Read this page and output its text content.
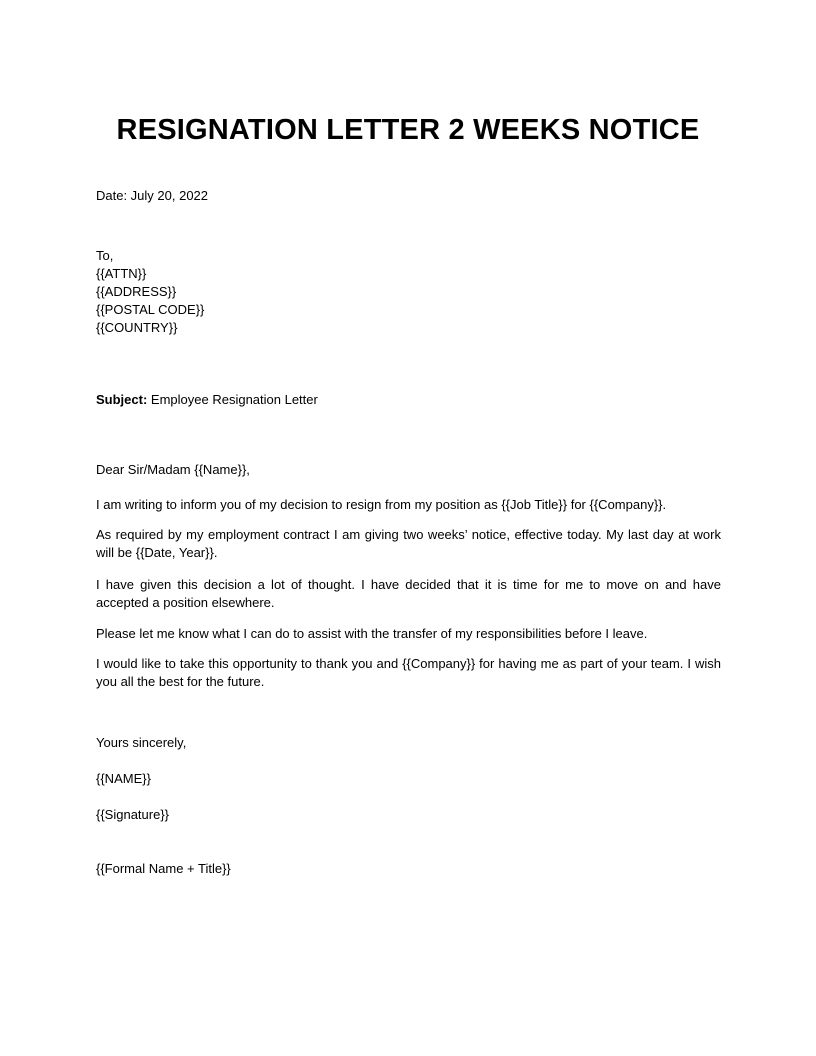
RESIGNATION LETTER 2 WEEKS NOTICE

Date: July 20, 2022

To,

{{ATTN}}

{{ADDRESS}}

{{POSTAL CODE}}

{{COUNTRY}}

Subject: Employee Resignation Letter

Dear Sir/Madam {{Name}},

I am writing to inform you of my decision to resign from my position as {{Job Title}} for {{Company}}.

As required by my employment contract I am giving two weeks’ notice, effective today. My last day at work will be {{Date, Year}}.

I have given this decision a lot of thought. I have decided that it is time for me to move on and have accepted a position elsewhere.

Please let me know what I can do to assist with the transfer of my responsibilities before I leave.

I would like to take this opportunity to thank you and {{Company}} for having me as part of your team. I wish you all the best for the future.

Yours sincerely,

{{NAME}}

{{Signature}}

{{Formal Name + Title}}
